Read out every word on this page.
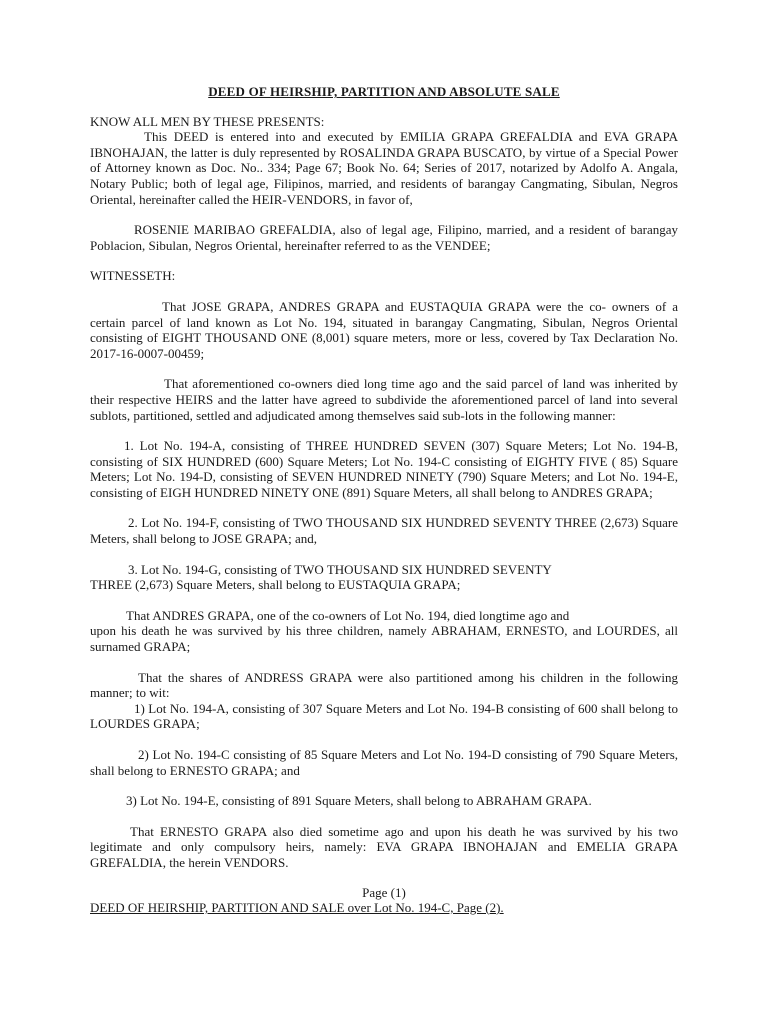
DEED OF HEIRSHIP, PARTITION AND ABSOLUTE SALE

KNOW ALL MEN BY THESE PRESENTS:

This DEED is entered into and executed by EMILIA GRAPA GREFALDIA and EVA GRAPA IBNOHAJAN, the latter is duly represented by ROSALINDA GRAPA BUSCATO, by virtue of a Special Power of Attorney known as Doc. No.. 334; Page 67; Book No. 64; Series of 2017, notarized by Adolfo A. Angala, Notary Public; both of legal age, Filipinos, married, and residents of barangay Cangmating, Sibulan, Negros Oriental, hereinafter called the HEIR-VENDORS, in favor of,

ROSENIE MARIBAO GREFALDIA, also of legal age, Filipino, married, and a resident of barangay Poblacion, Sibulan, Negros Oriental, hereinafter referred to as the VENDEE;

WITNESSETH:

That JOSE GRAPA, ANDRES GRAPA and EUSTAQUIA GRAPA were the co- owners of a certain parcel of land known as Lot No. 194, situated in barangay Cangmating, Sibulan, Negros Oriental consisting of EIGHT THOUSAND ONE (8,001) square meters, more or less, covered by Tax Declaration No. 2017-16-0007-00459;

That aforementioned co-owners died long time ago and the said parcel of land was inherited by their respective HEIRS and the latter have agreed to subdivide the aforementioned parcel of land into several sublots, partitioned, settled and adjudicated among themselves said sub-lots in the following manner:

1. Lot No. 194-A, consisting of THREE HUNDRED SEVEN (307) Square Meters; Lot No. 194-B, consisting of SIX HUNDRED (600) Square Meters; Lot No. 194-C consisting of EIGHTY FIVE ( 85) Square Meters; Lot No. 194-D, consisting of SEVEN HUNDRED NINETY (790) Square Meters; and Lot No. 194-E, consisting of EIGH HUNDRED NINETY ONE (891) Square Meters, all shall belong to ANDRES GRAPA;

2. Lot No. 194-F, consisting of TWO THOUSAND SIX HUNDRED SEVENTY THREE (2,673) Square Meters, shall belong to JOSE GRAPA; and,

3. Lot No. 194-G, consisting of TWO THOUSAND SIX HUNDRED SEVENTY

THREE (2,673) Square Meters, shall belong to EUSTAQUIA GRAPA;

That ANDRES GRAPA, one of the co-owners of Lot No. 194, died longtime ago and

upon his death he was survived by his three children, namely ABRAHAM, ERNESTO, and LOURDES, all surnamed GRAPA;

That the shares of ANDRESS GRAPA were also partitioned among his children in the following manner; to wit:

1) Lot No. 194-A, consisting of 307 Square Meters and Lot No. 194-B consisting of 600 shall belong to LOURDES GRAPA;

2) Lot No. 194-C consisting of 85 Square Meters and Lot No. 194-D consisting of 790 Square Meters, shall belong to ERNESTO GRAPA; and

3) Lot No. 194-E, consisting of 891 Square Meters, shall belong to ABRAHAM GRAPA.

That ERNESTO GRAPA also died sometime ago and upon his death he was survived by his two legitimate and only compulsory heirs, namely: EVA GRAPA IBNOHAJAN and EMELIA GRAPA GREFALDIA, the herein VENDORS.

Page (1)
DEED OF HEIRSHIP, PARTITION AND SALE over Lot No. 194-C, Page (2).
